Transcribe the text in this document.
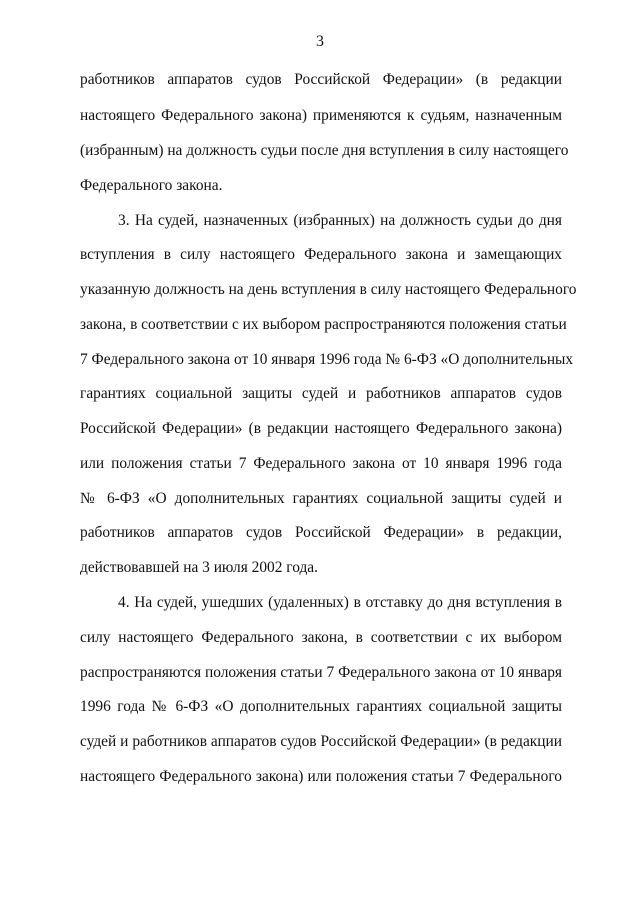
3
работников аппаратов судов Российской Федерации» (в редакции
настоящего Федерального закона) применяются к судьям, назначенным
(избранным) на должность судьи после дня вступления в силу настоящего
Федерального закона.
3. На судей, назначенных (избранных) на должность судьи до дня
вступления в силу настоящего Федерального закона и замещающих
указанную должность на день вступления в силу настоящего Федерального
закона, в соответствии с их выбором распространяются положения статьи
7 Федерального закона от 10 января 1996 года № 6-ФЗ «О дополнительных
гарантиях социальной защиты судей и работников аппаратов судов
Российской Федерации» (в редакции настоящего Федерального закона)
или положения статьи 7 Федерального закона от 10 января 1996 года
№ 6-ФЗ «О дополнительных гарантиях социальной защиты судей и
работников аппаратов судов Российской Федерации» в редакции,
действовавшей на 3 июля 2002 года.
4. На судей, ушедших (удаленных) в отставку до дня вступления в
силу настоящего Федерального закона, в соответствии с их выбором
распространяются положения статьи 7 Федерального закона от 10 января
1996 года № 6-ФЗ «О дополнительных гарантиях социальной защиты
судей и работников аппаратов судов Российской Федерации» (в редакции
настоящего Федерального закона) или положения статьи 7 Федерального
